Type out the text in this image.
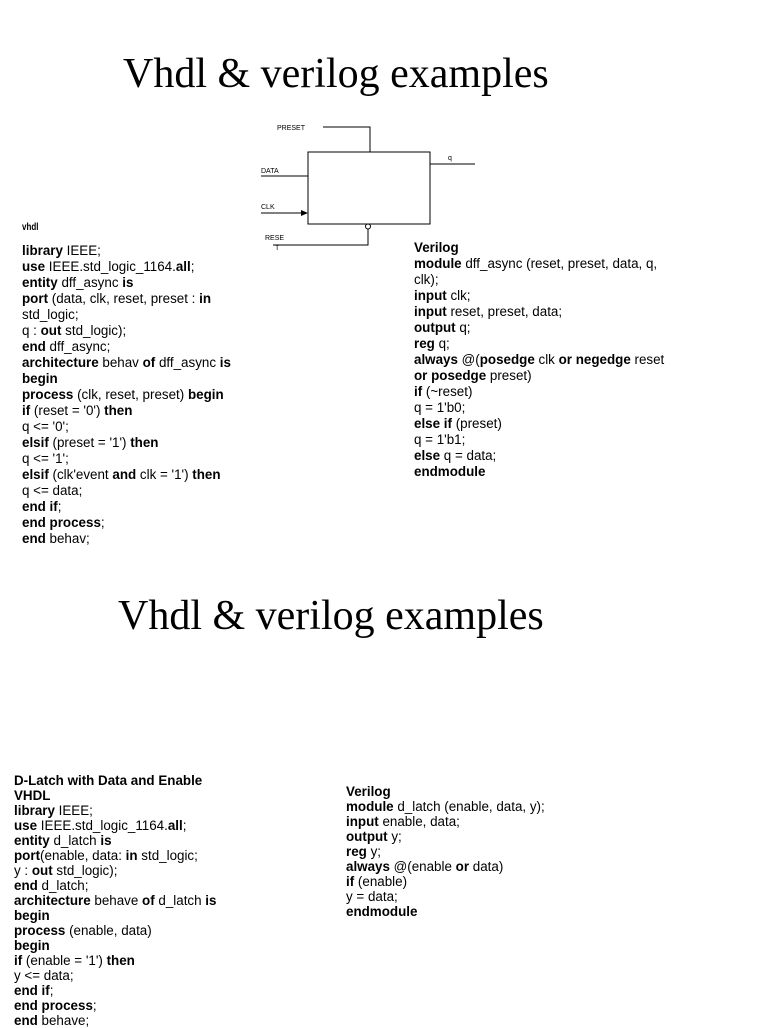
Vhdl & verilog examples
PRESET
DATA
CLK
RESE
T
q
vhdl
library IEEE;
use IEEE.std_logic_1164.all;
entity dff_async is
port (data, clk, reset, preset : in
std_logic;
q : out std_logic);
end dff_async;
architecture behav of dff_async is
begin
process (clk, reset, preset) begin
if (reset = '0') then
q <= '0';
elsif (preset = '1') then
q <= '1';
elsif (clk'event and clk = '1') then
q <= data;
end if;
end process;
end behav;
Verilog
module dff_async (reset, preset, data, q,
clk);
input clk;
input reset, preset, data;
output q;
reg q;
always @(posedge clk or negedge reset
or posedge preset)
if (~reset)
q = 1'b0;
else if (preset)
q = 1'b1;
else q = data;
endmodule
Vhdl & verilog examples
D-Latch with Data and Enable
VHDL
library IEEE;
use IEEE.std_logic_1164.all;
entity d_latch is
port(enable, data: in std_logic;
y : out std_logic);
end d_latch;
architecture behave of d_latch is
begin
process (enable, data)
begin
if (enable = '1') then
y <= data;
end if;
end process;
end behave;
Verilog
module d_latch (enable, data, y);
input enable, data;
output y;
reg y;
always @(enable or data)
if (enable)
y = data;
endmodule
